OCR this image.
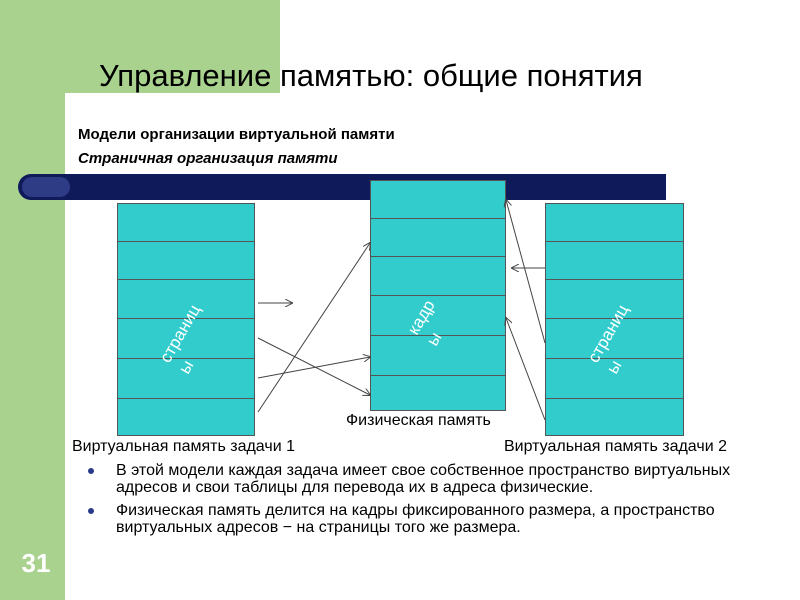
31
Управление памятью: общие понятия
Модели организации виртуальной памяти
Страничная организация памяти
страниц
ы
кадр
ы	страниц
ы
Физическая память
Виртуальная память задачи 1	Виртуальная память задачи 2
В этой модели каждая задача имеет свое собственное пространство виртуальных адресов и свои таблицы для перевода их в адреса физические.
Физическая память делится на кадры фиксированного размера, а пространство виртуальных адресов − на страницы того же размера.
